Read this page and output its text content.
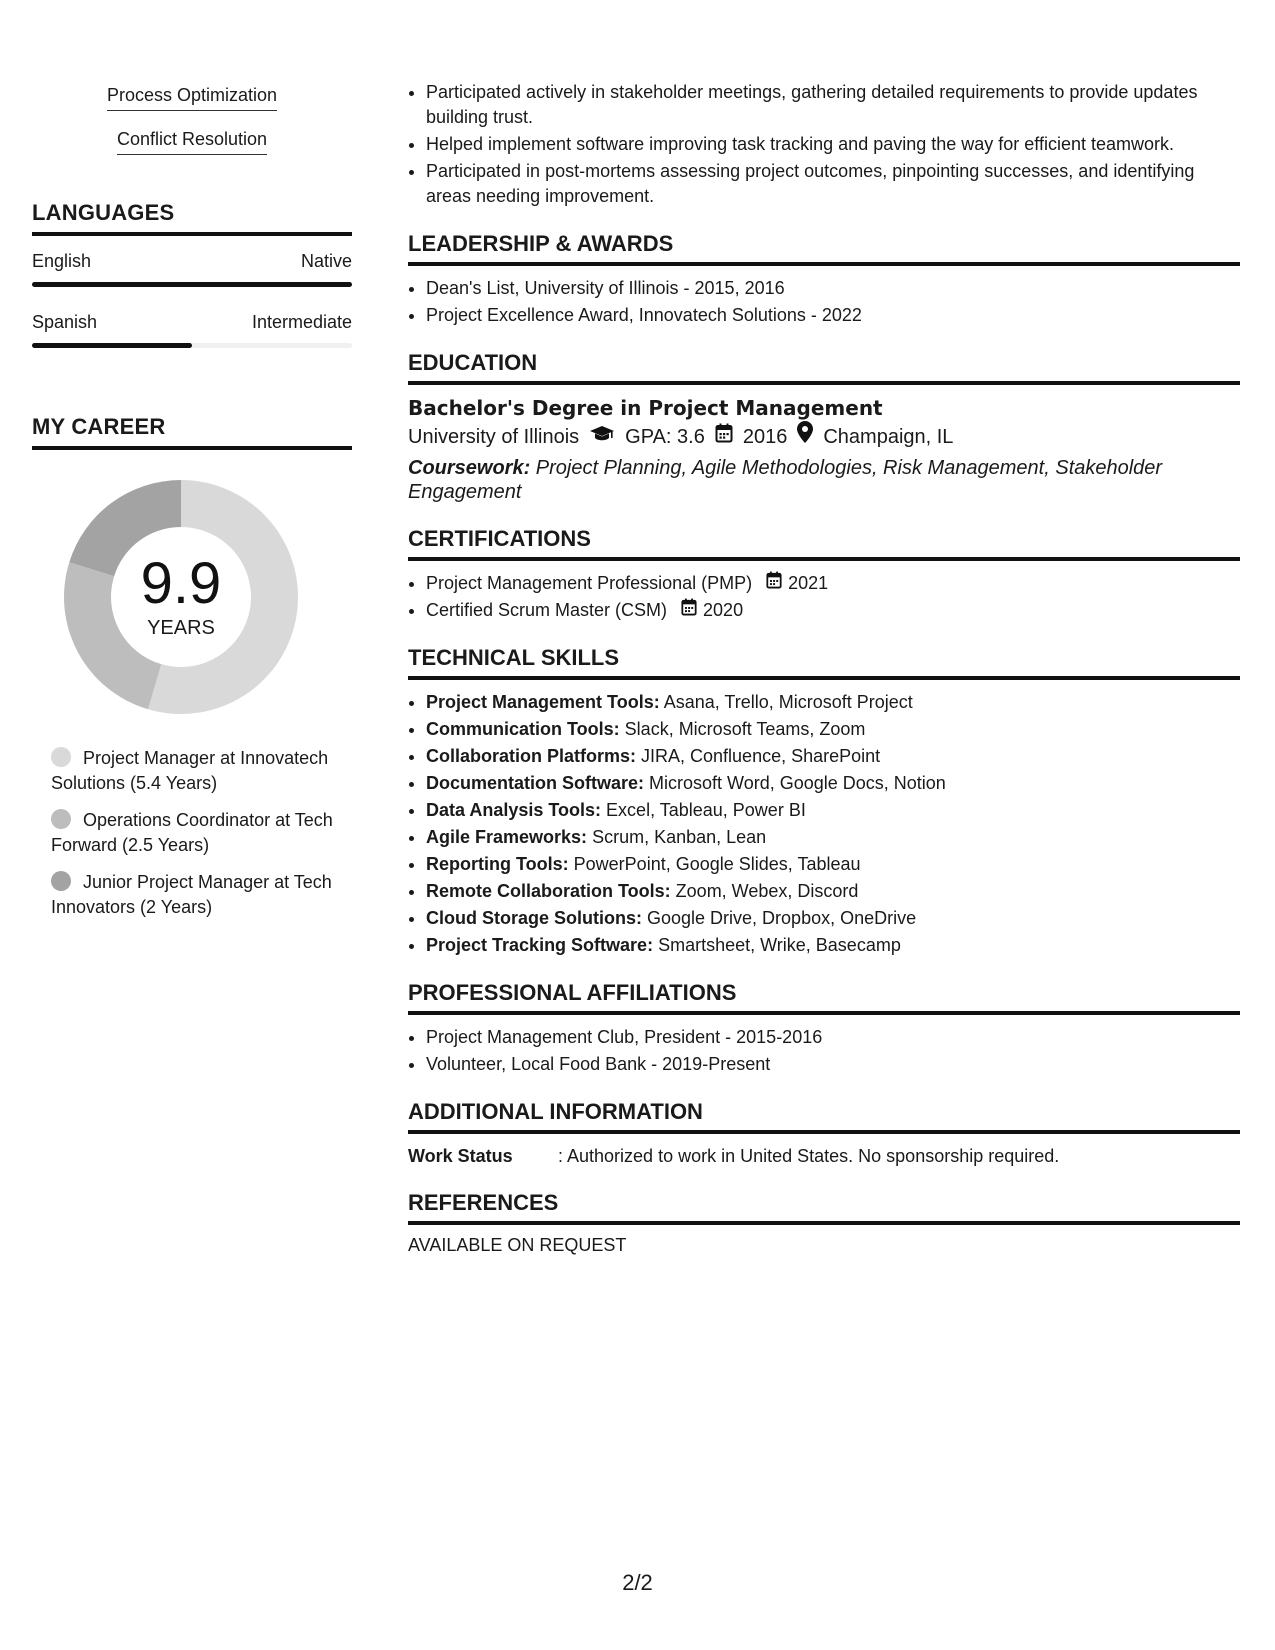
Process Optimization
Conflict Resolution
LANGUAGES
English	Native
Spanish	Intermediate
MY CAREER
9.9
YEARS
Project Manager at Innovatech Solutions (5.4 Years)
Operations Coordinator at Tech Forward (2.5 Years)
Junior Project Manager at Tech Innovators (2 Years)
• Participated actively in stakeholder meetings, gathering detailed requirements to provide updates building trust.
• Helped implement software improving task tracking and paving the way for efficient teamwork.
• Participated in post-mortems assessing project outcomes, pinpointing successes, and identifying areas needing improvement.
LEADERSHIP & AWARDS
• Dean's List, University of Illinois - 2015, 2016
• Project Excellence Award, Innovatech Solutions - 2022
EDUCATION
Bachelor's Degree in Project Management
University of Illinois GPA: 3.6 2016 Champaign, IL
Coursework: Project Planning, Agile Methodologies, Risk Management, Stakeholder Engagement
CERTIFICATIONS
• Project Management Professional (PMP) 2021
• Certified Scrum Master (CSM) 2020
TECHNICAL SKILLS
• Project Management Tools: Asana, Trello, Microsoft Project
• Communication Tools: Slack, Microsoft Teams, Zoom
• Collaboration Platforms: JIRA, Confluence, SharePoint
• Documentation Software: Microsoft Word, Google Docs, Notion
• Data Analysis Tools: Excel, Tableau, Power BI
• Agile Frameworks: Scrum, Kanban, Lean
• Reporting Tools: PowerPoint, Google Slides, Tableau
• Remote Collaboration Tools: Zoom, Webex, Discord
• Cloud Storage Solutions: Google Drive, Dropbox, OneDrive
• Project Tracking Software: Smartsheet, Wrike, Basecamp
PROFESSIONAL AFFILIATIONS
• Project Management Club, President - 2015-2016
• Volunteer, Local Food Bank - 2019-Present
ADDITIONAL INFORMATION
Work Status	: Authorized to work in United States. No sponsorship required.
REFERENCES
AVAILABLE ON REQUEST
2/2
